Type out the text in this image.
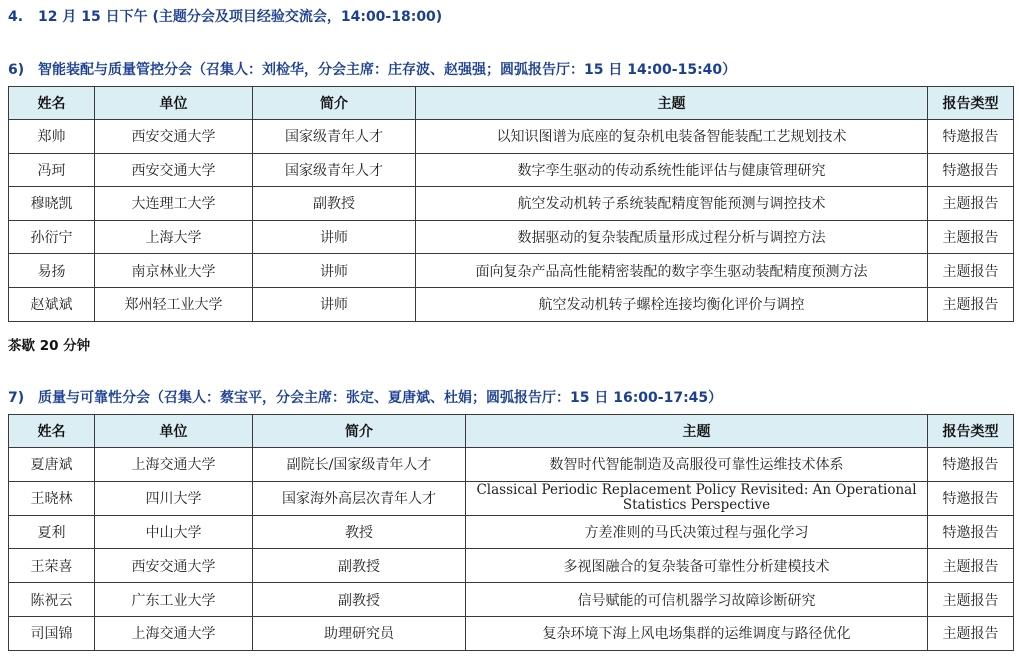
4. 12 月 15 日下午 (主题分会及项目经验交流会，14:00-18:00)
6) 智能装配与质量管控分会（召集人：刘检华，分会主席：庄存波、赵强强；圆弧报告厅：15 日 14:00-15:40）
姓名	单位	简介	主题	报告类型
郑帅	西安交通大学	国家级青年人才	以知识图谱为底座的复杂机电装备智能装配工艺规划技术	特邀报告
冯珂	西安交通大学	国家级青年人才	数字孪生驱动的传动系统性能评估与健康管理研究	特邀报告
穆晓凯	大连理工大学	副教授	航空发动机转子系统装配精度智能预测与调控技术	主题报告
孙衍宁	上海大学	讲师	数据驱动的复杂装配质量形成过程分析与调控方法	主题报告
易扬	南京林业大学	讲师	面向复杂产品高性能精密装配的数字孪生驱动装配精度预测方法	主题报告
赵斌斌	郑州轻工业大学	讲师	航空发动机转子螺栓连接均衡化评价与调控	主题报告
茶歇 20 分钟
7) 质量与可靠性分会（召集人：蔡宝平，分会主席：张定、夏唐斌、杜娟；圆弧报告厅：15 日 16:00-17:45）
姓名	单位	简介	主题	报告类型
夏唐斌	上海交通大学	副院长/国家级青年人才	数智时代智能制造及高服役可靠性运维技术体系	特邀报告
王晓林	四川大学	国家海外高层次青年人才	Classical Periodic Replacement Policy Revisited: An Operational Statistics Perspective	特邀报告
夏利	中山大学	教授	方差准则的马氏决策过程与强化学习	特邀报告
王荣喜	西安交通大学	副教授	多视图融合的复杂装备可靠性分析建模技术	主题报告
陈祝云	广东工业大学	副教授	信号赋能的可信机器学习故障诊断研究	主题报告
司国锦	上海交通大学	助理研究员	复杂环境下海上风电场集群的运维调度与路径优化	主题报告
